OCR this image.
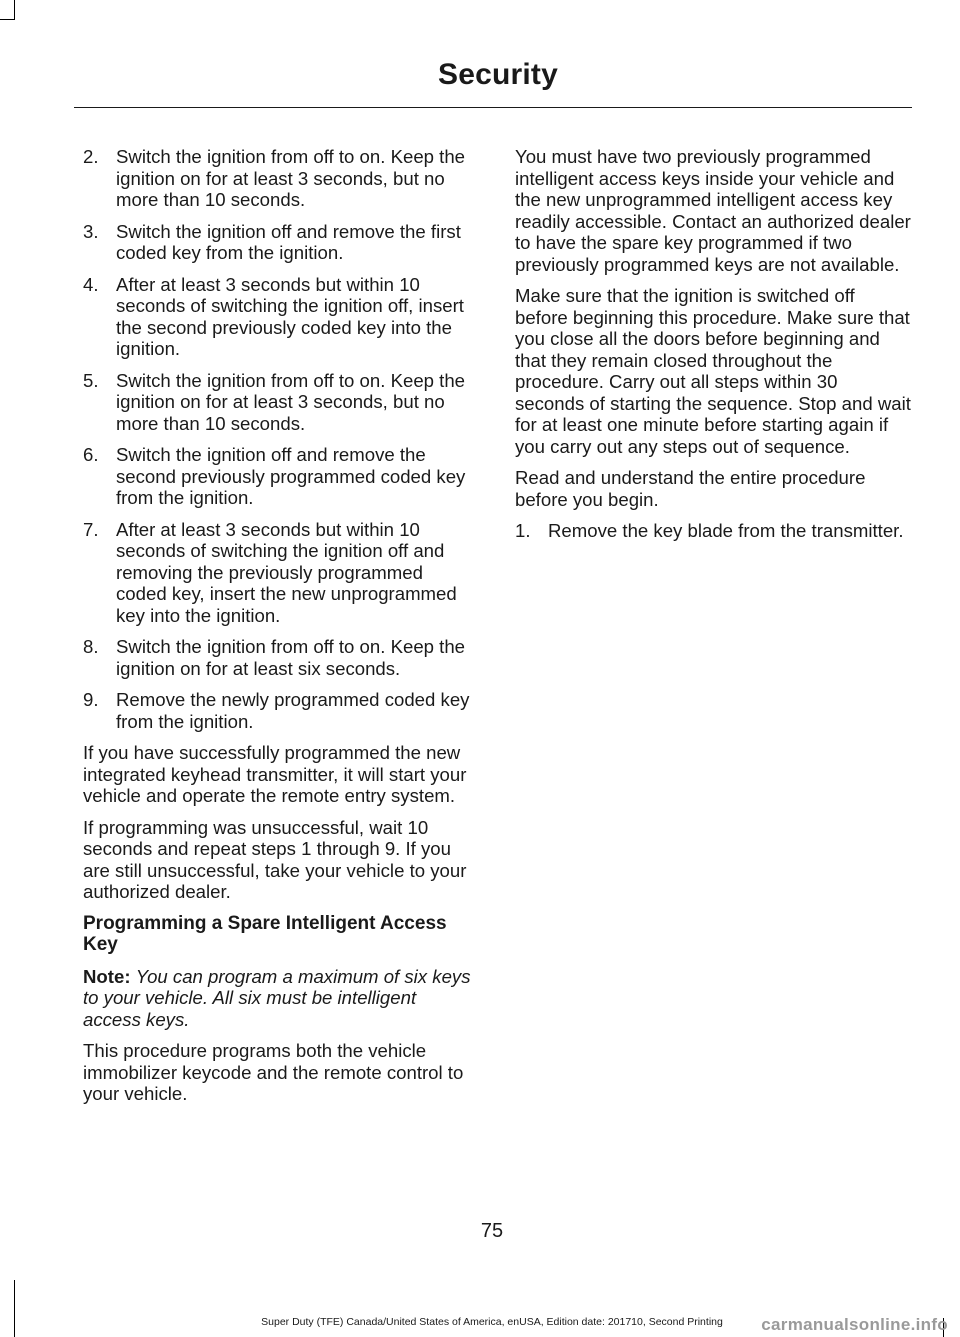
Security
2. Switch the ignition from off to on. Keep the ignition on for at least 3 seconds, but no more than 10 seconds.
3. Switch the ignition off and remove the first coded key from the ignition.
4. After at least 3 seconds but within 10 seconds of switching the ignition off, insert the second previously coded key into the ignition.
5. Switch the ignition from off to on. Keep the ignition on for at least 3 seconds, but no more than 10 seconds.
6. Switch the ignition off and remove the second previously programmed coded key from the ignition.
7. After at least 3 seconds but within 10 seconds of switching the ignition off and removing the previously programmed coded key, insert the new unprogrammed key into the ignition.
8. Switch the ignition from off to on. Keep the ignition on for at least six seconds.
9. Remove the newly programmed coded key from the ignition.

If you have successfully programmed the new integrated keyhead transmitter, it will start your vehicle and operate the remote entry system.

If programming was unsuccessful, wait 10 seconds and repeat steps 1 through 9. If you are still unsuccessful, take your vehicle to your authorized dealer.

Programming a Spare Intelligent Access Key

Note: You can program a maximum of six keys to your vehicle. All six must be intelligent access keys.

This procedure programs both the vehicle immobilizer keycode and the remote control to your vehicle.

You must have two previously programmed intelligent access keys inside your vehicle and the new unprogrammed intelligent access key readily accessible. Contact an authorized dealer to have the spare key programmed if two previously programmed keys are not available.

Make sure that the ignition is switched off before beginning this procedure. Make sure that you close all the doors before beginning and that they remain closed throughout the procedure. Carry out all steps within 30 seconds of starting the sequence. Stop and wait for at least one minute before starting again if you carry out any steps out of sequence.

Read and understand the entire procedure before you begin.

1. Remove the key blade from the transmitter.
75
Super Duty (TFE) Canada/United States of America, enUSA, Edition date: 201710, Second Printing	carmanualsonline.info
